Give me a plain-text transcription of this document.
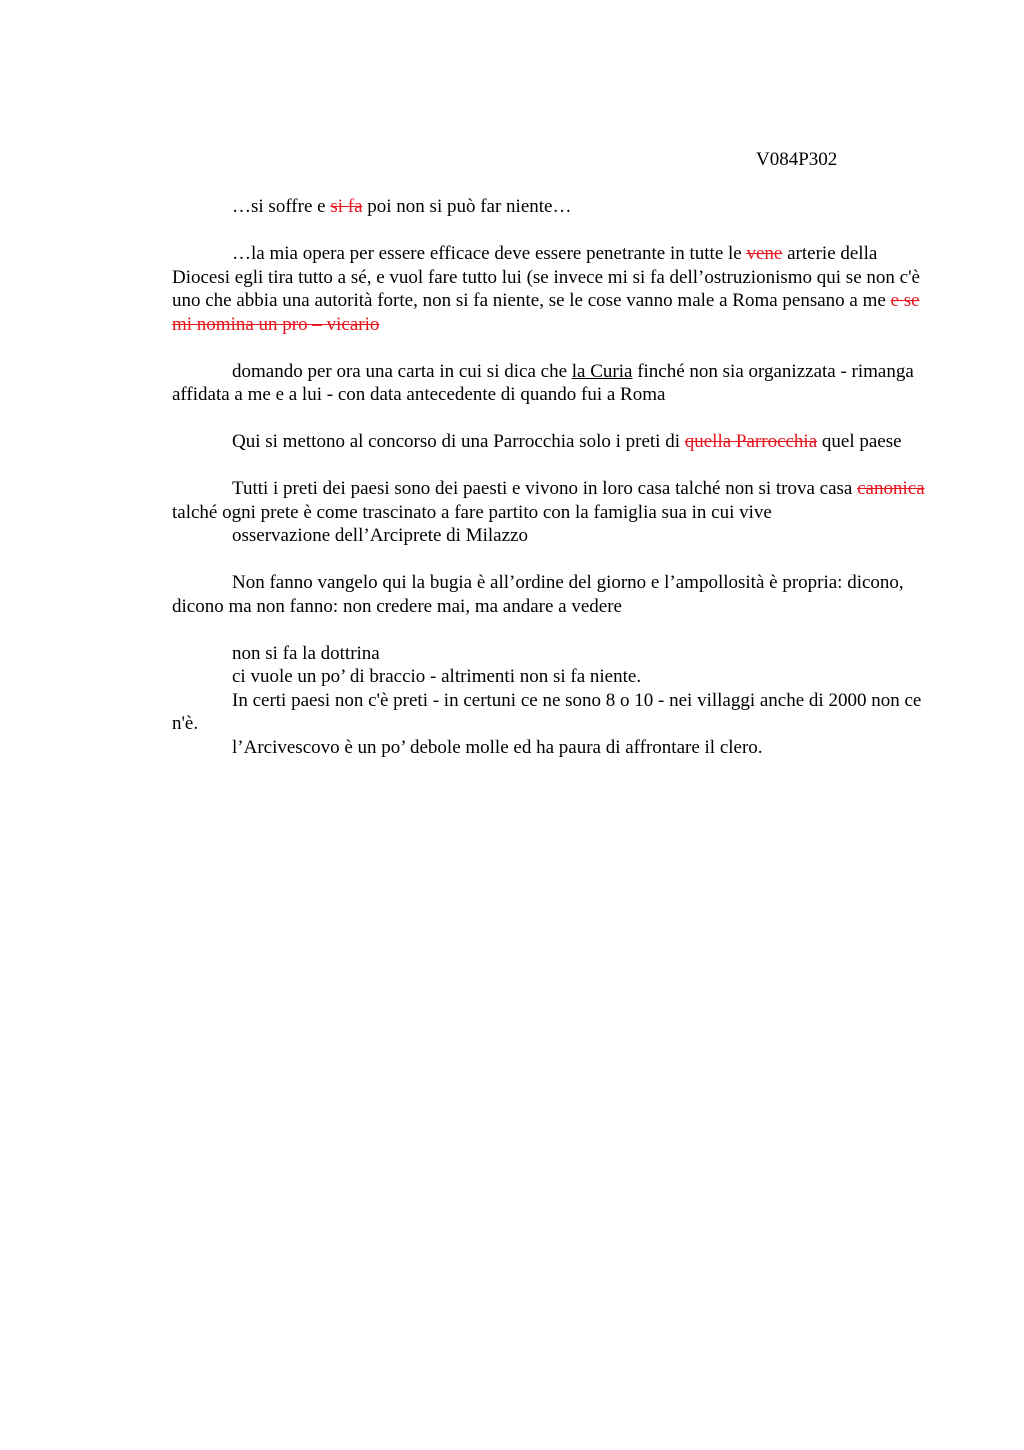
V084P302

…si soffre e si fa poi non si può far niente…

…la mia opera per essere efficace deve essere penetrante in tutte le vene arterie della Diocesi egli tira tutto a sé, e vuol fare tutto lui (se invece mi si fa dell’ostruzionismo qui se non c'è uno che abbia una autorità forte, non si fa niente, se le cose vanno male a Roma pensano a me e se mi nomina un pro – vicario

domando per ora una carta in cui si dica che la Curia finché non sia organizzata - rimanga affidata a me e a lui - con data antecedente di quando fui a Roma

Qui si mettono al concorso di una Parrocchia solo i preti di quella Parrocchia quel paese

Tutti i preti dei paesi sono dei paesti e vivono in loro casa talché non si trova casa canonica talché ogni prete è come trascinato a fare partito con la famiglia sua in cui vive

osservazione dell’Arciprete di Milazzo

Non fanno vangelo qui la bugia è all’ordine del giorno e l’ampollosità è propria: dicono, dicono ma non fanno: non credere mai, ma andare a vedere

non si fa la dottrina

ci vuole un po’ di braccio - altrimenti non si fa niente.

In certi paesi non c'è preti - in certuni ce ne sono 8 o 10 - nei villaggi anche di 2000 non ce n'è.

l’Arcivescovo è un po’ debole molle ed ha paura di affrontare il clero.
